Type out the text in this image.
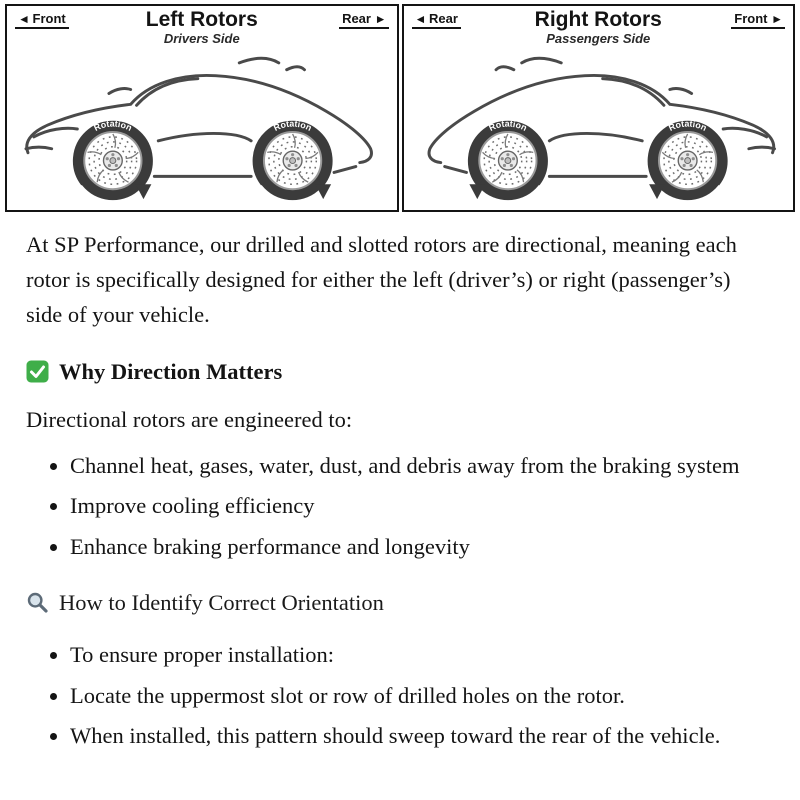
◄ Front	Left Rotors
Drivers Side
Rear ► ◄ Rear	Right Rotors
Passengers Side
Front ►

At SP Performance, our drilled and slotted rotors are directional, meaning each rotor is specifically designed for either the left (driver’s) or right (passenger’s) side of your vehicle.

Why Direction Matters

Directional rotors are engineered to:

• Channel heat, gases, water, dust, and debris away from the braking system
• Improve cooling efficiency
• Enhance braking performance and longevity
How to Identify Correct Orientation
• To ensure proper installation:
• Locate the uppermost slot or row of drilled holes on the rotor.
• When installed, this pattern should sweep toward the rear of the vehicle.
